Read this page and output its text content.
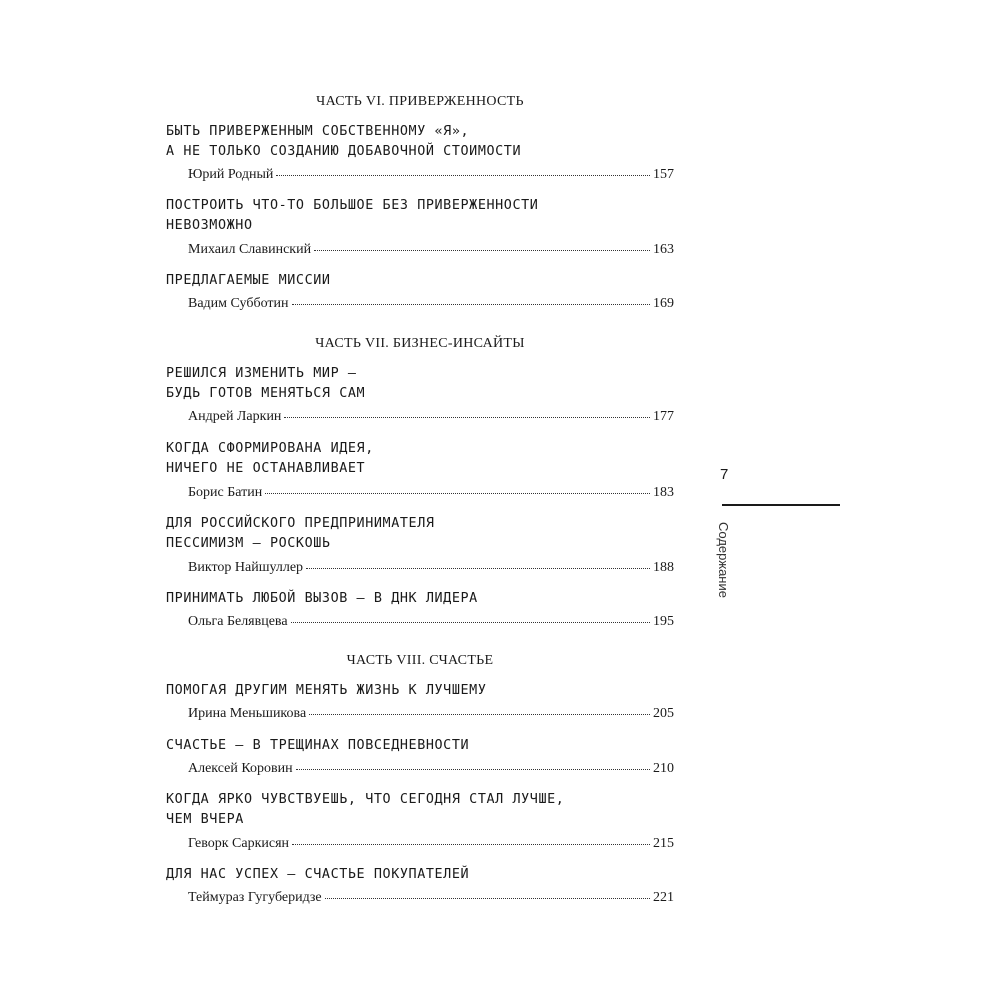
ЧАСТЬ VI. ПРИВЕРЖЕННОСТЬ
БЫТЬ ПРИВЕРЖЕННЫМ СОБСТВЕННОМУ «Я»,
А НЕ ТОЛЬКО СОЗДАНИЮ ДОБАВОЧНОЙ СТОИМОСТИ
Юрий Родный	157
ПОСТРОИТЬ ЧТО-ТО БОЛЬШОЕ БЕЗ ПРИВЕРЖЕННОСТИ
НЕВОЗМОЖНО
Михаил Славинский	163
ПРЕДЛАГАЕМЫЕ МИССИИ
Вадим Субботин	169
ЧАСТЬ VII. БИЗНЕС-ИНСАЙТЫ
РЕШИЛСЯ ИЗМЕНИТЬ МИР —
БУДЬ ГОТОВ МЕНЯТЬСЯ САМ
Андрей Ларкин	177
КОГДА СФОРМИРОВАНА ИДЕЯ,
НИЧЕГО НЕ ОСТАНАВЛИВАЕТ
Борис Батин	183
ДЛЯ РОССИЙСКОГО ПРЕДПРИНИМАТЕЛЯ
ПЕССИМИЗМ — РОСКОШЬ
Виктор Найшуллер	188
ПРИНИМАТЬ ЛЮБОЙ ВЫЗОВ — В ДНК ЛИДЕРА
Ольга Белявцева	195
ЧАСТЬ VIII. СЧАСТЬЕ
ПОМОГАЯ ДРУГИМ МЕНЯТЬ ЖИЗНЬ К ЛУЧШЕМУ
Ирина Меньшикова	205
СЧАСТЬЕ — В ТРЕЩИНАХ ПОВСЕДНЕВНОСТИ
Алексей Коровин	210
КОГДА ЯРКО ЧУВСТВУЕШЬ, ЧТО СЕГОДНЯ СТАЛ ЛУЧШЕ,
ЧЕМ ВЧЕРА
Геворк Саркисян	215
ДЛЯ НАС УСПЕХ — СЧАСТЬЕ ПОКУПАТЕЛЕЙ
Теймураз Гугуберидзе	221
7
Содержание
